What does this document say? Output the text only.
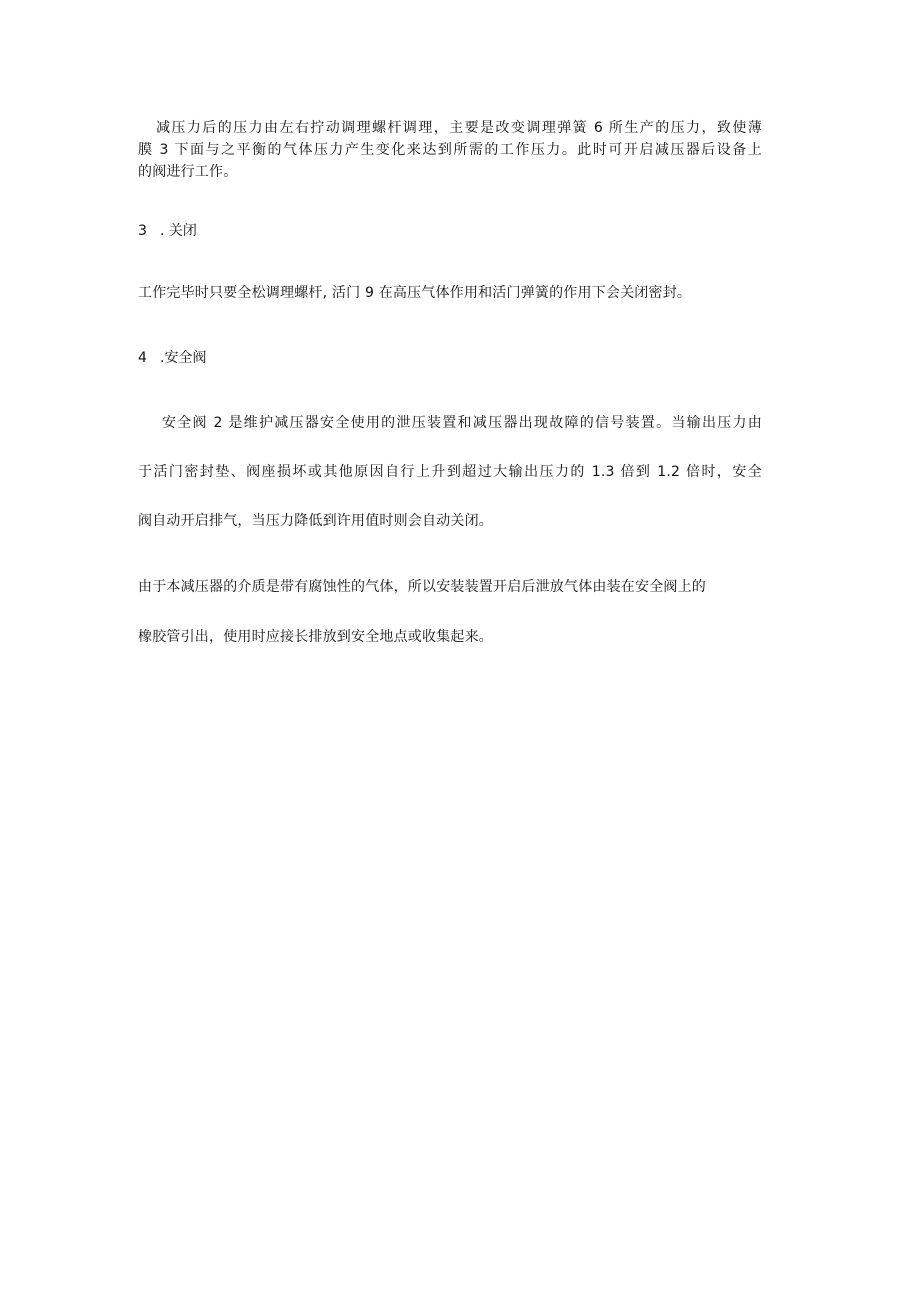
减压力后的压力由左右拧动调理螺杆调理，主要是改变调理弹簧 6 所生产的压力，致使薄
膜 3 下面与之平衡的气体压力产生变化来达到所需的工作压力。此时可开启减压器后设备上
的阀进行工作。
3 . 关闭
工作完毕时只要全松调理螺杆, 活门 9 在高压气体作用和活门弹簧的作用下会关闭密封。
4 .安全阀
安全阀 2 是维护减压器安全使用的泄压装置和减压器出现故障的信号装置。当输出压力由
于活门密封垫、阀座损坏或其他原因自行上升到超过大输出压力的 1.3 倍到 1.2 倍时，安全
阀自动开启排气，当压力降低到许用值时则会自动关闭。
由于本减压器的介质是带有腐蚀性的气体，所以安装装置开启后泄放气体由装在安全阀上的
橡胶管引出，使用时应接长排放到安全地点或收集起来。
